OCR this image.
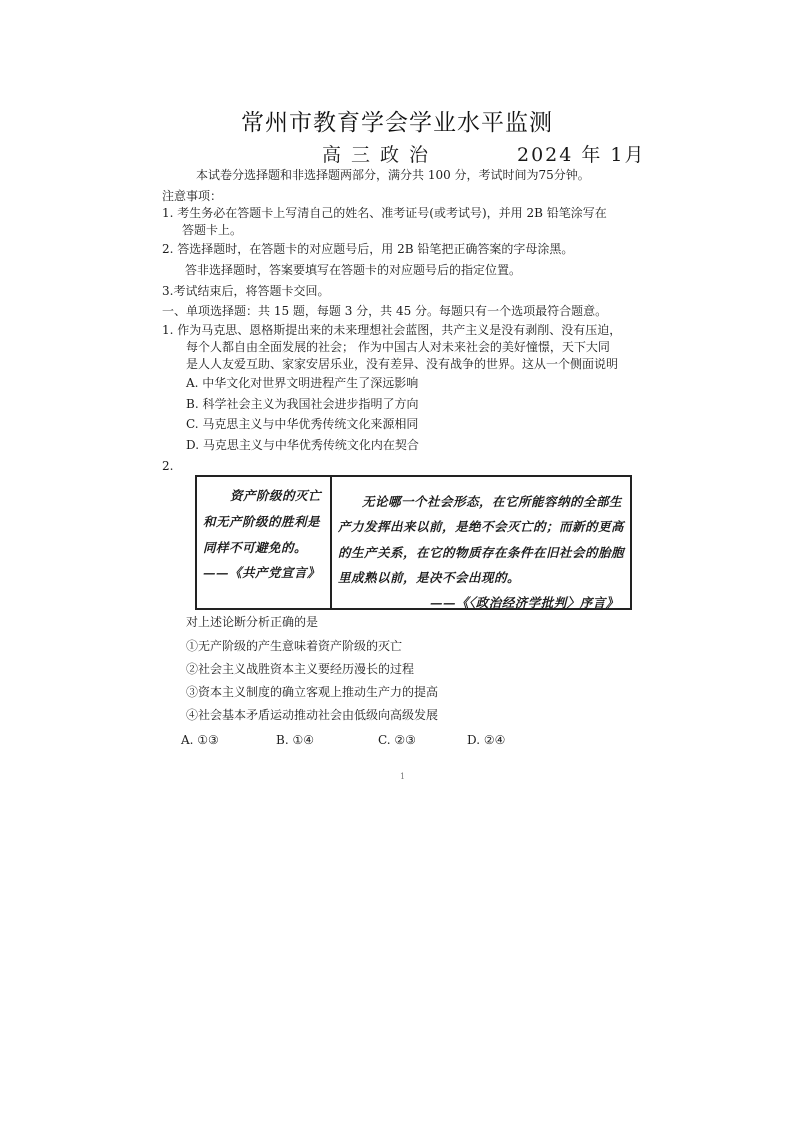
常州市教育学会学业水平监测
高三政治	2024 年 1月
本试卷分选择题和非选择题两部分，满分共 100 分，考试时间为75分钟。
注意事项：
1. 考生务必在答题卡上写清自己的姓名、准考证号(或考试号)，并用 2B 铅笔涂写在
答题卡上。
2. 答选择题时，在答题卡的对应题号后，用 2B 铅笔把正确答案的字母涂黑。
答非选择题时，答案要填写在答题卡的对应题号后的指定位置。
3.考试结束后，将答题卡交回。
一、单项选择题：共 15 题，每题 3 分，共 45 分。每题只有一个选项最符合题意。
1. 作为马克思、恩格斯提出来的未来理想社会蓝图，共产主义是没有剥削、没有压迫，
每个人都自由全面发展的社会； 作为中国古人对未来社会的美好憧憬，天下大同
是人人友爱互助、家家安居乐业，没有差异、没有战争的世界。这从一个侧面说明
A. 中华文化对世界文明进程产生了深远影响
B. 科学社会主义为我国社会进步指明了方向
C. 马克思主义与中华优秀传统文化来源相同
D. 马克思主义与中华优秀传统文化内在契合
2.
资产阶级的灭亡
和无产阶级的胜利是
同样不可避免的。
——《共产党宣言》
无论哪一个社会形态，在它所能容纳的全部生
产力发挥出来以前，是绝不会灭亡的；而新的更高
的生产关系，在它的物质存在条件在旧社会的胎胞
里成熟以前，是决不会出现的。
——《〈政治经济学批判〉序言》
对上述论断分析正确的是
①无产阶级的产生意味着资产阶级的灭亡
②社会主义战胜资本主义要经历漫长的过程
③资本主义制度的确立客观上推动生产力的提高
④社会基本矛盾运动推动社会由低级向高级发展
A. ①③	B. ①④	C. ②③	D. ②④
1
